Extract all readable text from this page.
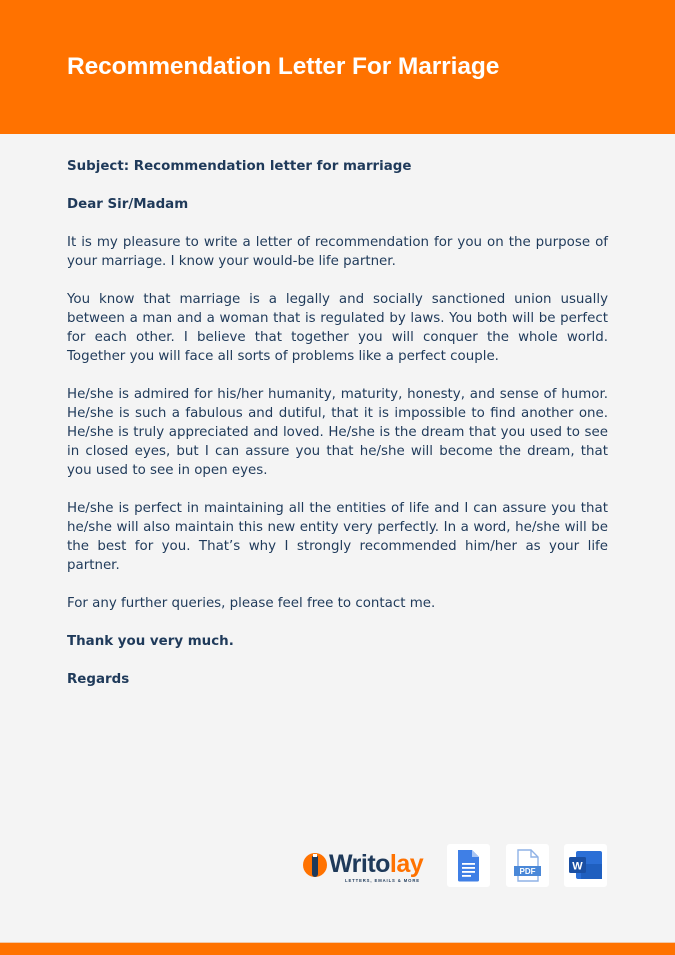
Recommendation Letter For Marriage

Subject: Recommendation letter for marriage

Dear Sir/Madam

It is my pleasure to write a letter of recommendation for you on the purpose of your marriage. I know your would-be life partner.

You know that marriage is a legally and socially sanctioned union usually between a man and a woman that is regulated by laws. You both will be perfect for each other. I believe that together you will conquer the whole world. Together you will face all sorts of problems like a perfect couple.

He/she is admired for his/her humanity, maturity, honesty, and sense of humor. He/she is such a fabulous and dutiful, that it is impossible to find another one. He/she is truly appreciated and loved. He/she is the dream that you used to see in closed eyes, but I can assure you that he/she will become the dream, that you used to see in open eyes.

He/she is perfect in maintaining all the entities of life and I can assure you that he/she will also maintain this new entity very perfectly. In a word, he/she will be the best for you. That’s why I strongly recommended him/her as your life partner.

For any further queries, please feel free to contact me.

Thank you very much.

Regards

Writolay
LETTERS, EMAILS & MORE
PDF	W
